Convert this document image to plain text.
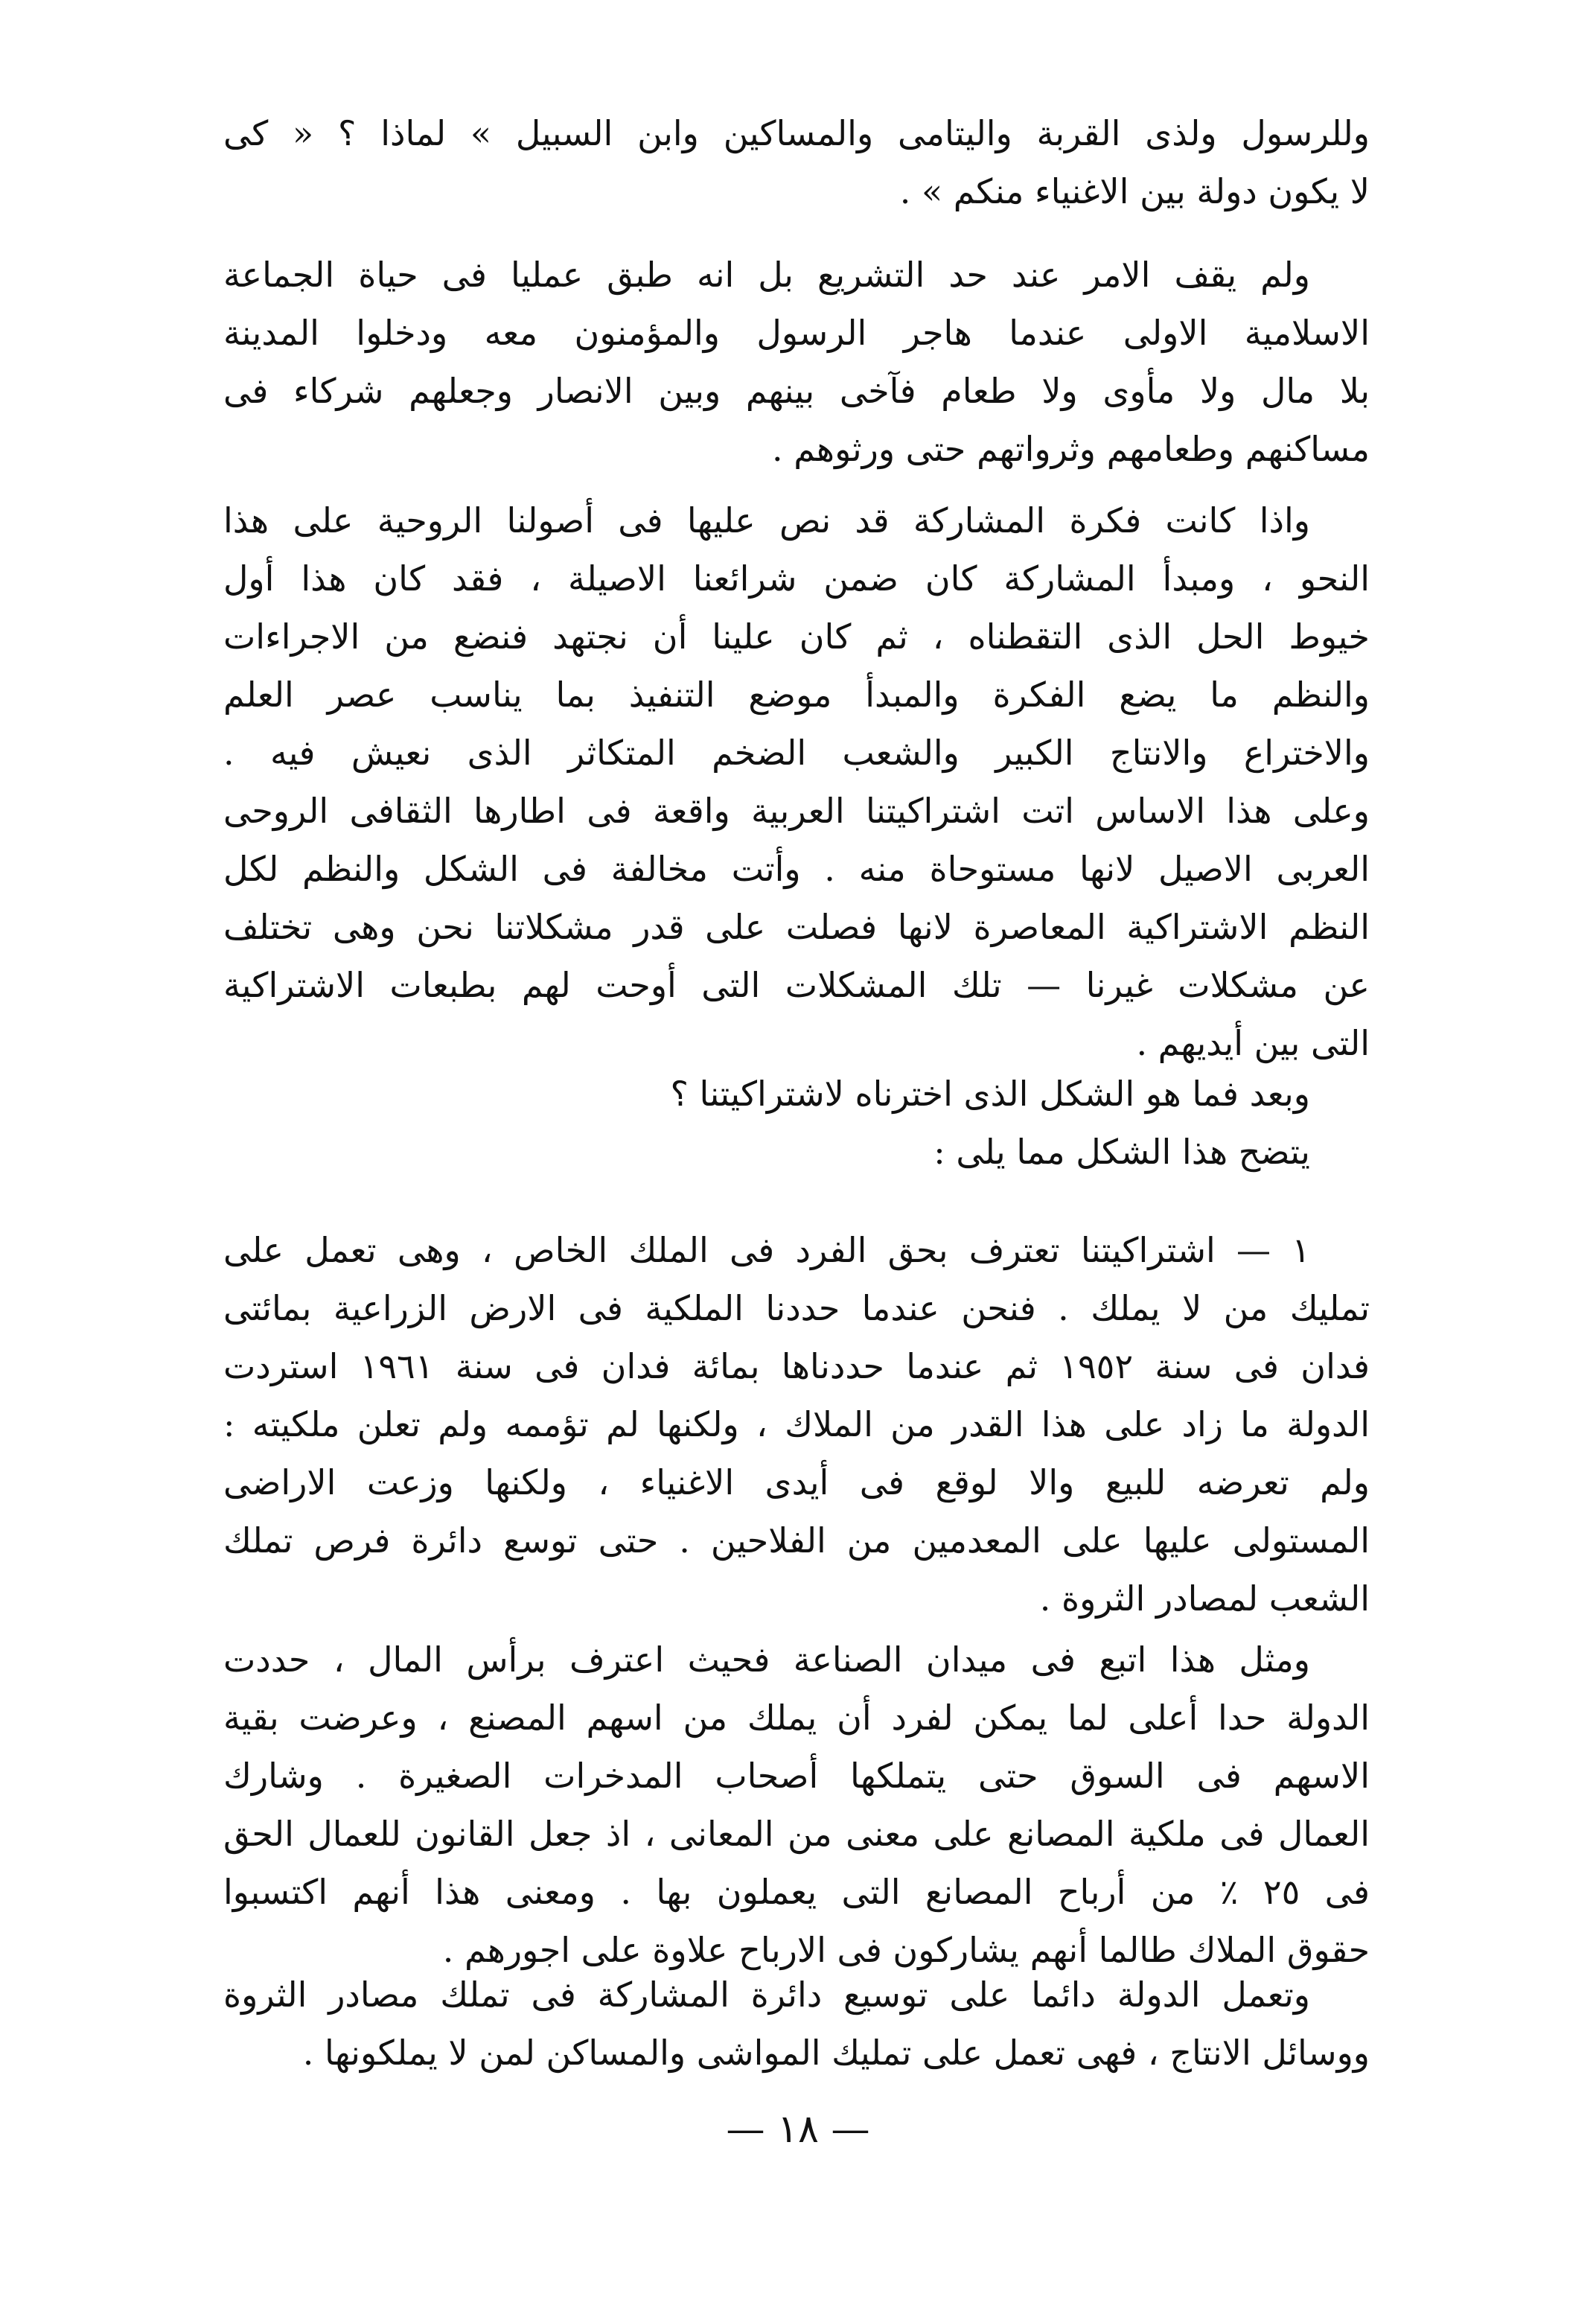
وللرسول ولذى القربة واليتامى والمساكين وابن السبيل » لماذا ؟ « كى
لا يكون دولة بين الاغنياء منكم » .
ولم يقف الامر عند حد التشريع بل انه طبق عمليا فى حياة الجماعة
الاسلامية الاولى عندما هاجر الرسول والمؤمنون معه ودخلوا المدينة
بلا مال ولا مأوى ولا طعام فآخى بينهم وبين الانصار وجعلهم شركاء فى
مساكنهم وطعامهم وثرواتهم حتى ورثوهم .
واذا كانت فكرة المشاركة قد نص عليها فى أصولنا الروحية على هذا
النحو ، ومبدأ المشاركة كان ضمن شرائعنا الاصيلة ، فقد كان هذا أول
خيوط الحل الذى التقطناه ، ثم كان علينا أن نجتهد فنضع من الاجراءات
والنظم ما يضع الفكرة والمبدأ موضع التنفيذ بما يناسب عصر العلم
والاختراع والانتاج الكبير والشعب الضخم المتكاثر الذى نعيش فيه .
وعلى هذا الاساس اتت اشتراكيتنا العربية واقعة فى اطارها الثقافى الروحى
العربى الاصيل لانها مستوحاة منه . وأتت مخالفة فى الشكل والنظم لكل
النظم الاشتراكية المعاصرة لانها فصلت على قدر مشكلاتنا نحن وهى تختلف
عن مشكلات غيرنا — تلك المشكلات التى أوحت لهم بطبعات الاشتراكية
التى بين أيديهم .
وبعد فما هو الشكل الذى اخترناه لاشتراكيتنا ؟
يتضح هذا الشكل مما يلى :
١ — اشتراكيتنا تعترف بحق الفرد فى الملك الخاص ، وهى تعمل على
تمليك من لا يملك . فنحن عندما حددنا الملكية فى الارض الزراعية بمائتى
فدان فى سنة ١٩٥٢ ثم عندما حددناها بمائة فدان فى سنة ١٩٦١ استردت
الدولة ما زاد على هذا القدر من الملاك ، ولكنها لم تؤممه ولم تعلن ملكيته :
ولم تعرضه للبيع والا لوقع فى أيدى الاغنياء ، ولكنها وزعت الاراضى
المستولى عليها على المعدمين من الفلاحين . حتى توسع دائرة فرص تملك
الشعب لمصادر الثروة .
ومثل هذا اتبع فى ميدان الصناعة فحيث اعترف برأس المال ، حددت
الدولة حدا أعلى لما يمكن لفرد أن يملك من اسهم المصنع ، وعرضت بقية
الاسهم فى السوق حتى يتملكها أصحاب المدخرات الصغيرة . وشارك
العمال فى ملكية المصانع على معنى من المعانى ، اذ جعل القانون للعمال الحق
فى ٢٥ ٪ من أرباح المصانع التى يعملون بها . ومعنى هذا أنهم اكتسبوا
حقوق الملاك طالما أنهم يشاركون فى الارباح علاوة على اجورهم .
وتعمل الدولة دائما على توسيع دائرة المشاركة فى تملك مصادر الثروة
ووسائل الانتاج ، فهى تعمل على تمليك المواشى والمساكن لمن لا يملكونها .
— ١٨ —
